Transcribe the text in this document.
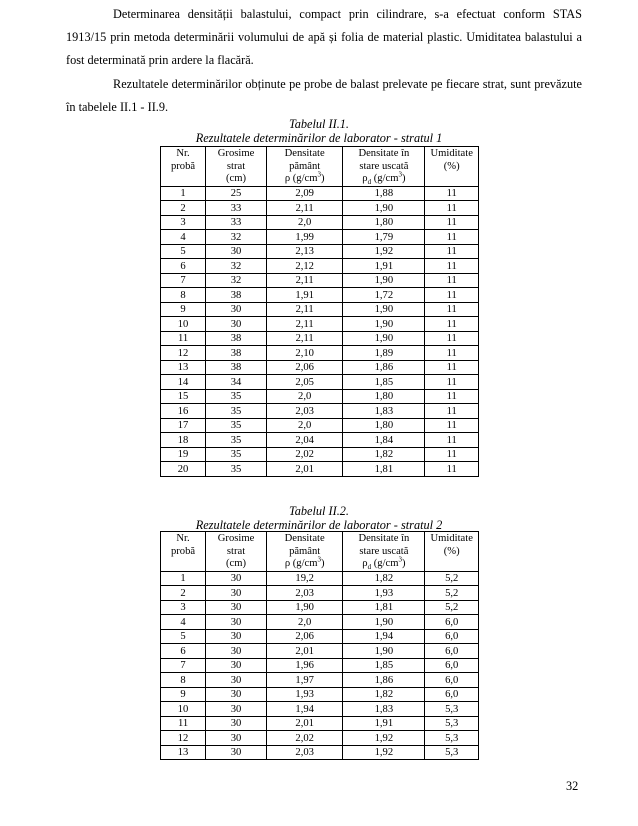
Determinarea densității balastului, compact prin cilindrare, s-a efectuat conform STAS 1913/15 prin metoda determinării volumului de apă și folia de material plastic. Umiditatea balastului a fost determinată prin ardere la flacără.

Rezultatele determinărilor obținute pe probe de balast prelevate pe fiecare strat, sunt prevăzute în tabelele II.1 - II.9.

Tabelul II.1.
Rezultatele determinărilor de laborator - stratul 1
Nr.
probă	Grosime
strat
(cm)	Densitate
pământ
ρ $(g/cm^3)$	Densitate în
stare uscată
$\rho_d$ $(g/cm^3)$	Umiditate
(%)
1	25	2,09	1,88	11
2	33	2,11	1,90	11
3	33	2,0	1,80	11
4	32	1,99	1,79	11
5	30	2,13	1,92	11
6	32	2,12	1,91	11
7	32	2,11	1,90	11
8	38	1,91	1,72	11
9	30	2,11	1,90	11
10	30	2,11	1,90	11
11	38	2,11	1,90	11
12	38	2,10	1,89	11
13	38	2,06	1,86	11
14	34	2,05	1,85	11
15	35	2,0	1,80	11
16	35	2,03	1,83	11
17	35	2,0	1,80	11
18	35	2,04	1,84	11
19	35	2,02	1,82	11
20	35	2,01	1,81	11
Tabelul II.2.
Rezultatele determinărilor de laborator - stratul 2
Nr.
probă	Grosime
strat
(cm)	Densitate
pământ
ρ $(g/cm^3)$	Densitate în
stare uscată
$\rho_d$ $(g/cm^3)$	Umiditate
(%)
1	30	19,2	1,82	5,2
2	30	2,03	1,93	5,2
3	30	1,90	1,81	5,2
4	30	2,0	1,90	6,0
5	30	2,06	1,94	6,0
6	30	2,01	1,90	6,0
7	30	1,96	1,85	6,0
8	30	1,97	1,86	6,0
9	30	1,93	1,82	6,0
10	30	1,94	1,83	5,3
11	30	2,01	1,91	5,3
12	30	2,02	1,92	5,3
13	30	2,03	1,92	5,3

32
